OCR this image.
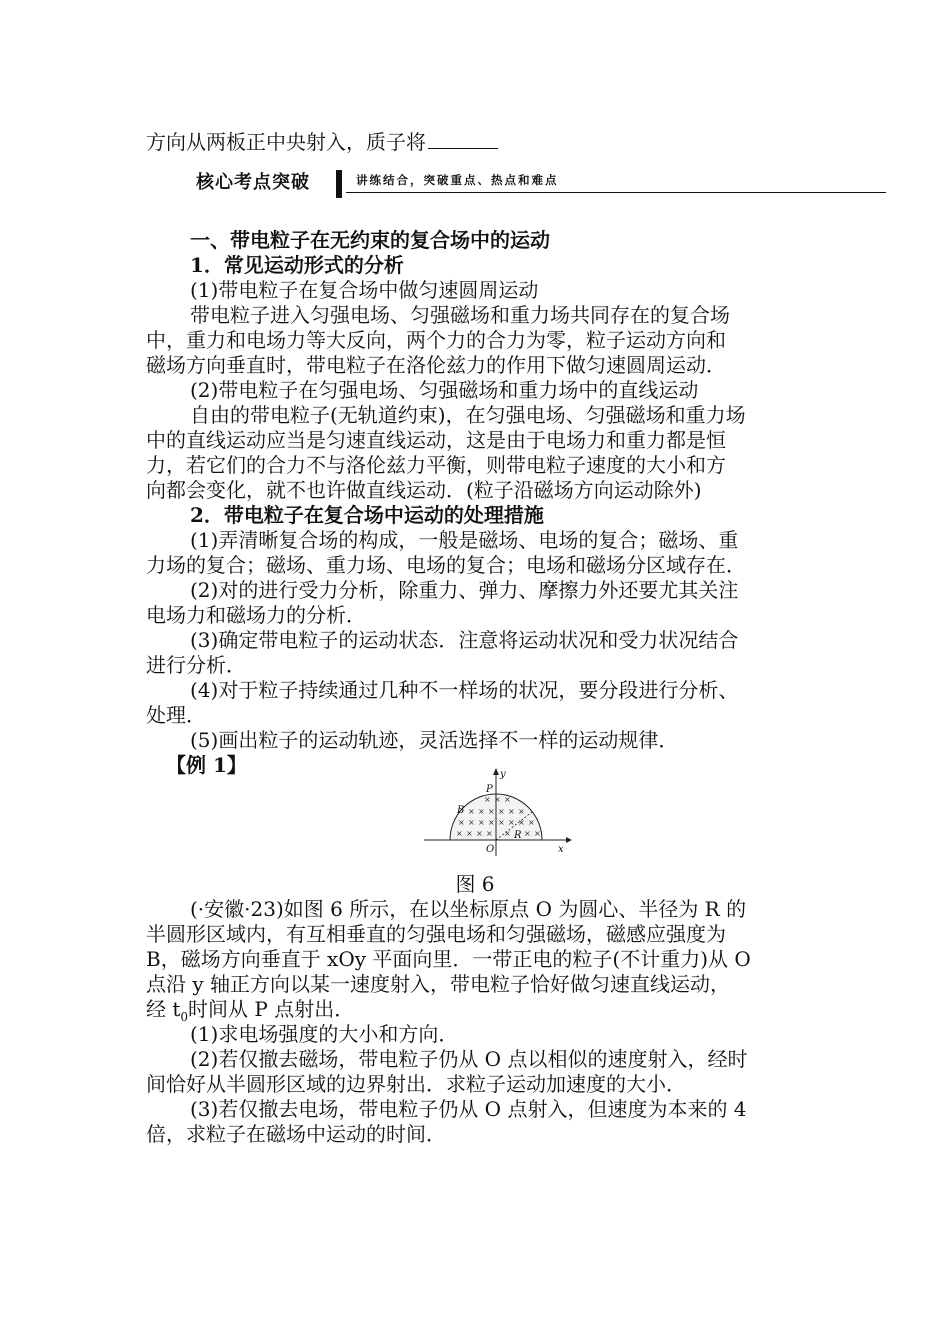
方向从两板正中央射入，质子将
核心考点突破	讲练结合，突破重点、热点和难点
一、带电粒子在无约束的复合场中的运动
1．常见运动形式的分析
(1)带电粒子在复合场中做匀速圆周运动
带电粒子进入匀强电场、匀强磁场和重力场共同存在的复合场
中，重力和电场力等大反向，两个力的合力为零，粒子运动方向和
磁场方向垂直时，带电粒子在洛伦兹力的作用下做匀速圆周运动．
(2)带电粒子在匀强电场、匀强磁场和重力场中的直线运动
自由的带电粒子(无轨道约束)，在匀强电场、匀强磁场和重力场
中的直线运动应当是匀速直线运动，这是由于电场力和重力都是恒
力，若它们的合力不与洛伦兹力平衡，则带电粒子速度的大小和方
向都会变化，就不也许做直线运动．(粒子沿磁场方向运动除外)
2．带电粒子在复合场中运动的处理措施
(1)弄清晰复合场的构成，一般是磁场、电场的复合；磁场、重
力场的复合；磁场、重力场、电场的复合；电场和磁场分区域存在．
(2)对的进行受力分析，除重力、弹力、摩擦力外还要尤其关注
电场力和磁场力的分析．
(3)确定带电粒子的运动状态．注意将运动状况和受力状况结合
进行分析．
(4)对于粒子持续通过几种不一样场的状况，要分段进行分析、
处理．
(5)画出粒子的运动轨迹，灵活选择不一样的运动规律．
【例 1】
× × ×
× × × × × ×
× × × × × × × ×
× × × × × × ×
y
P
B
R
O	x
图 6
(·安徽·23)如图 6 所示，在以坐标原点 O 为圆心、半径为 R 的
半圆形区域内，有互相垂直的匀强电场和匀强磁场，磁感应强度为
B，磁场方向垂直于 xOy 平面向里．一带正电的粒子(不计重力)从 O
点沿 y 轴正方向以某一速度射入，带电粒子恰好做匀速直线运动，
经 $t_0$时间从 P 点射出．
(1)求电场强度的大小和方向．
(2)若仅撤去磁场，带电粒子仍从 O 点以相似的速度射入，经时
间恰好从半圆形区域的边界射出．求粒子运动加速度的大小．
(3)若仅撤去电场，带电粒子仍从 O 点射入，但速度为本来的 4
倍，求粒子在磁场中运动的时间．
